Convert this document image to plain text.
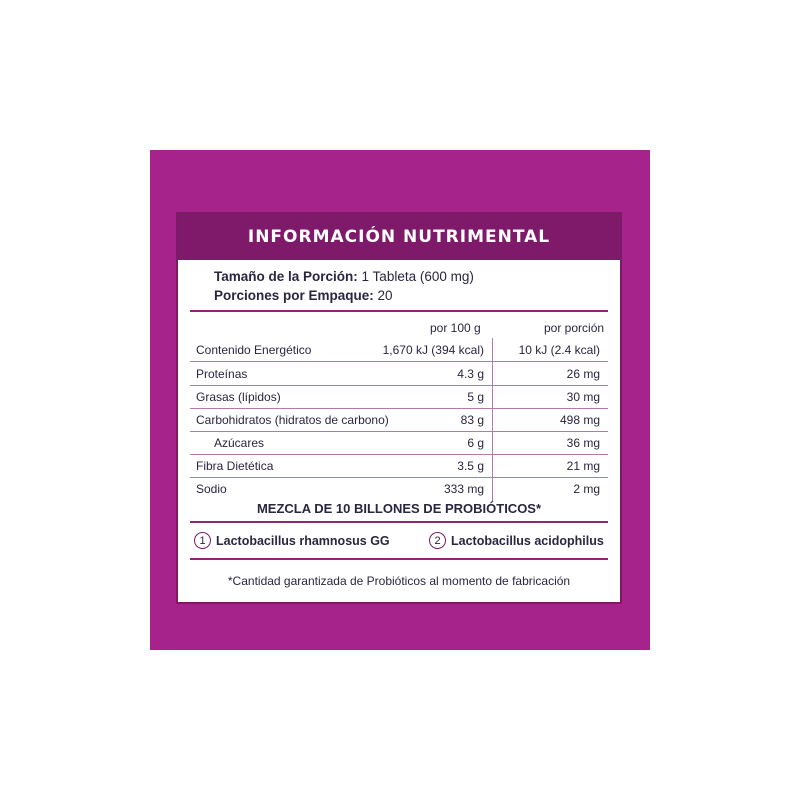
INFORMACIÓN NUTRIMENTAL
Tamaño de la Porción: 1 Tableta (600 mg)
Porciones por Empaque: 20
por 100 g	por porción
Contenido Energético	1,670 kJ (394 kcal)	10 kJ (2.4 kcal)
Proteínas	4.3 g	26 mg
Grasas (lípidos)	5 g	30 mg
Carbohidratos (hidratos de carbono)	83 g	498 mg
Azúcares	6 g	36 mg
Fibra Dietética	3.5 g	21 mg
Sodio	333 mg	2 mg
MEZCLA DE 10 BILLONES DE PROBIÓTICOS*
1 Lactobacillus rhamnosus GG	2 Lactobacillus acidophilus
*Cantidad garantizada de Probióticos al momento de fabricación
